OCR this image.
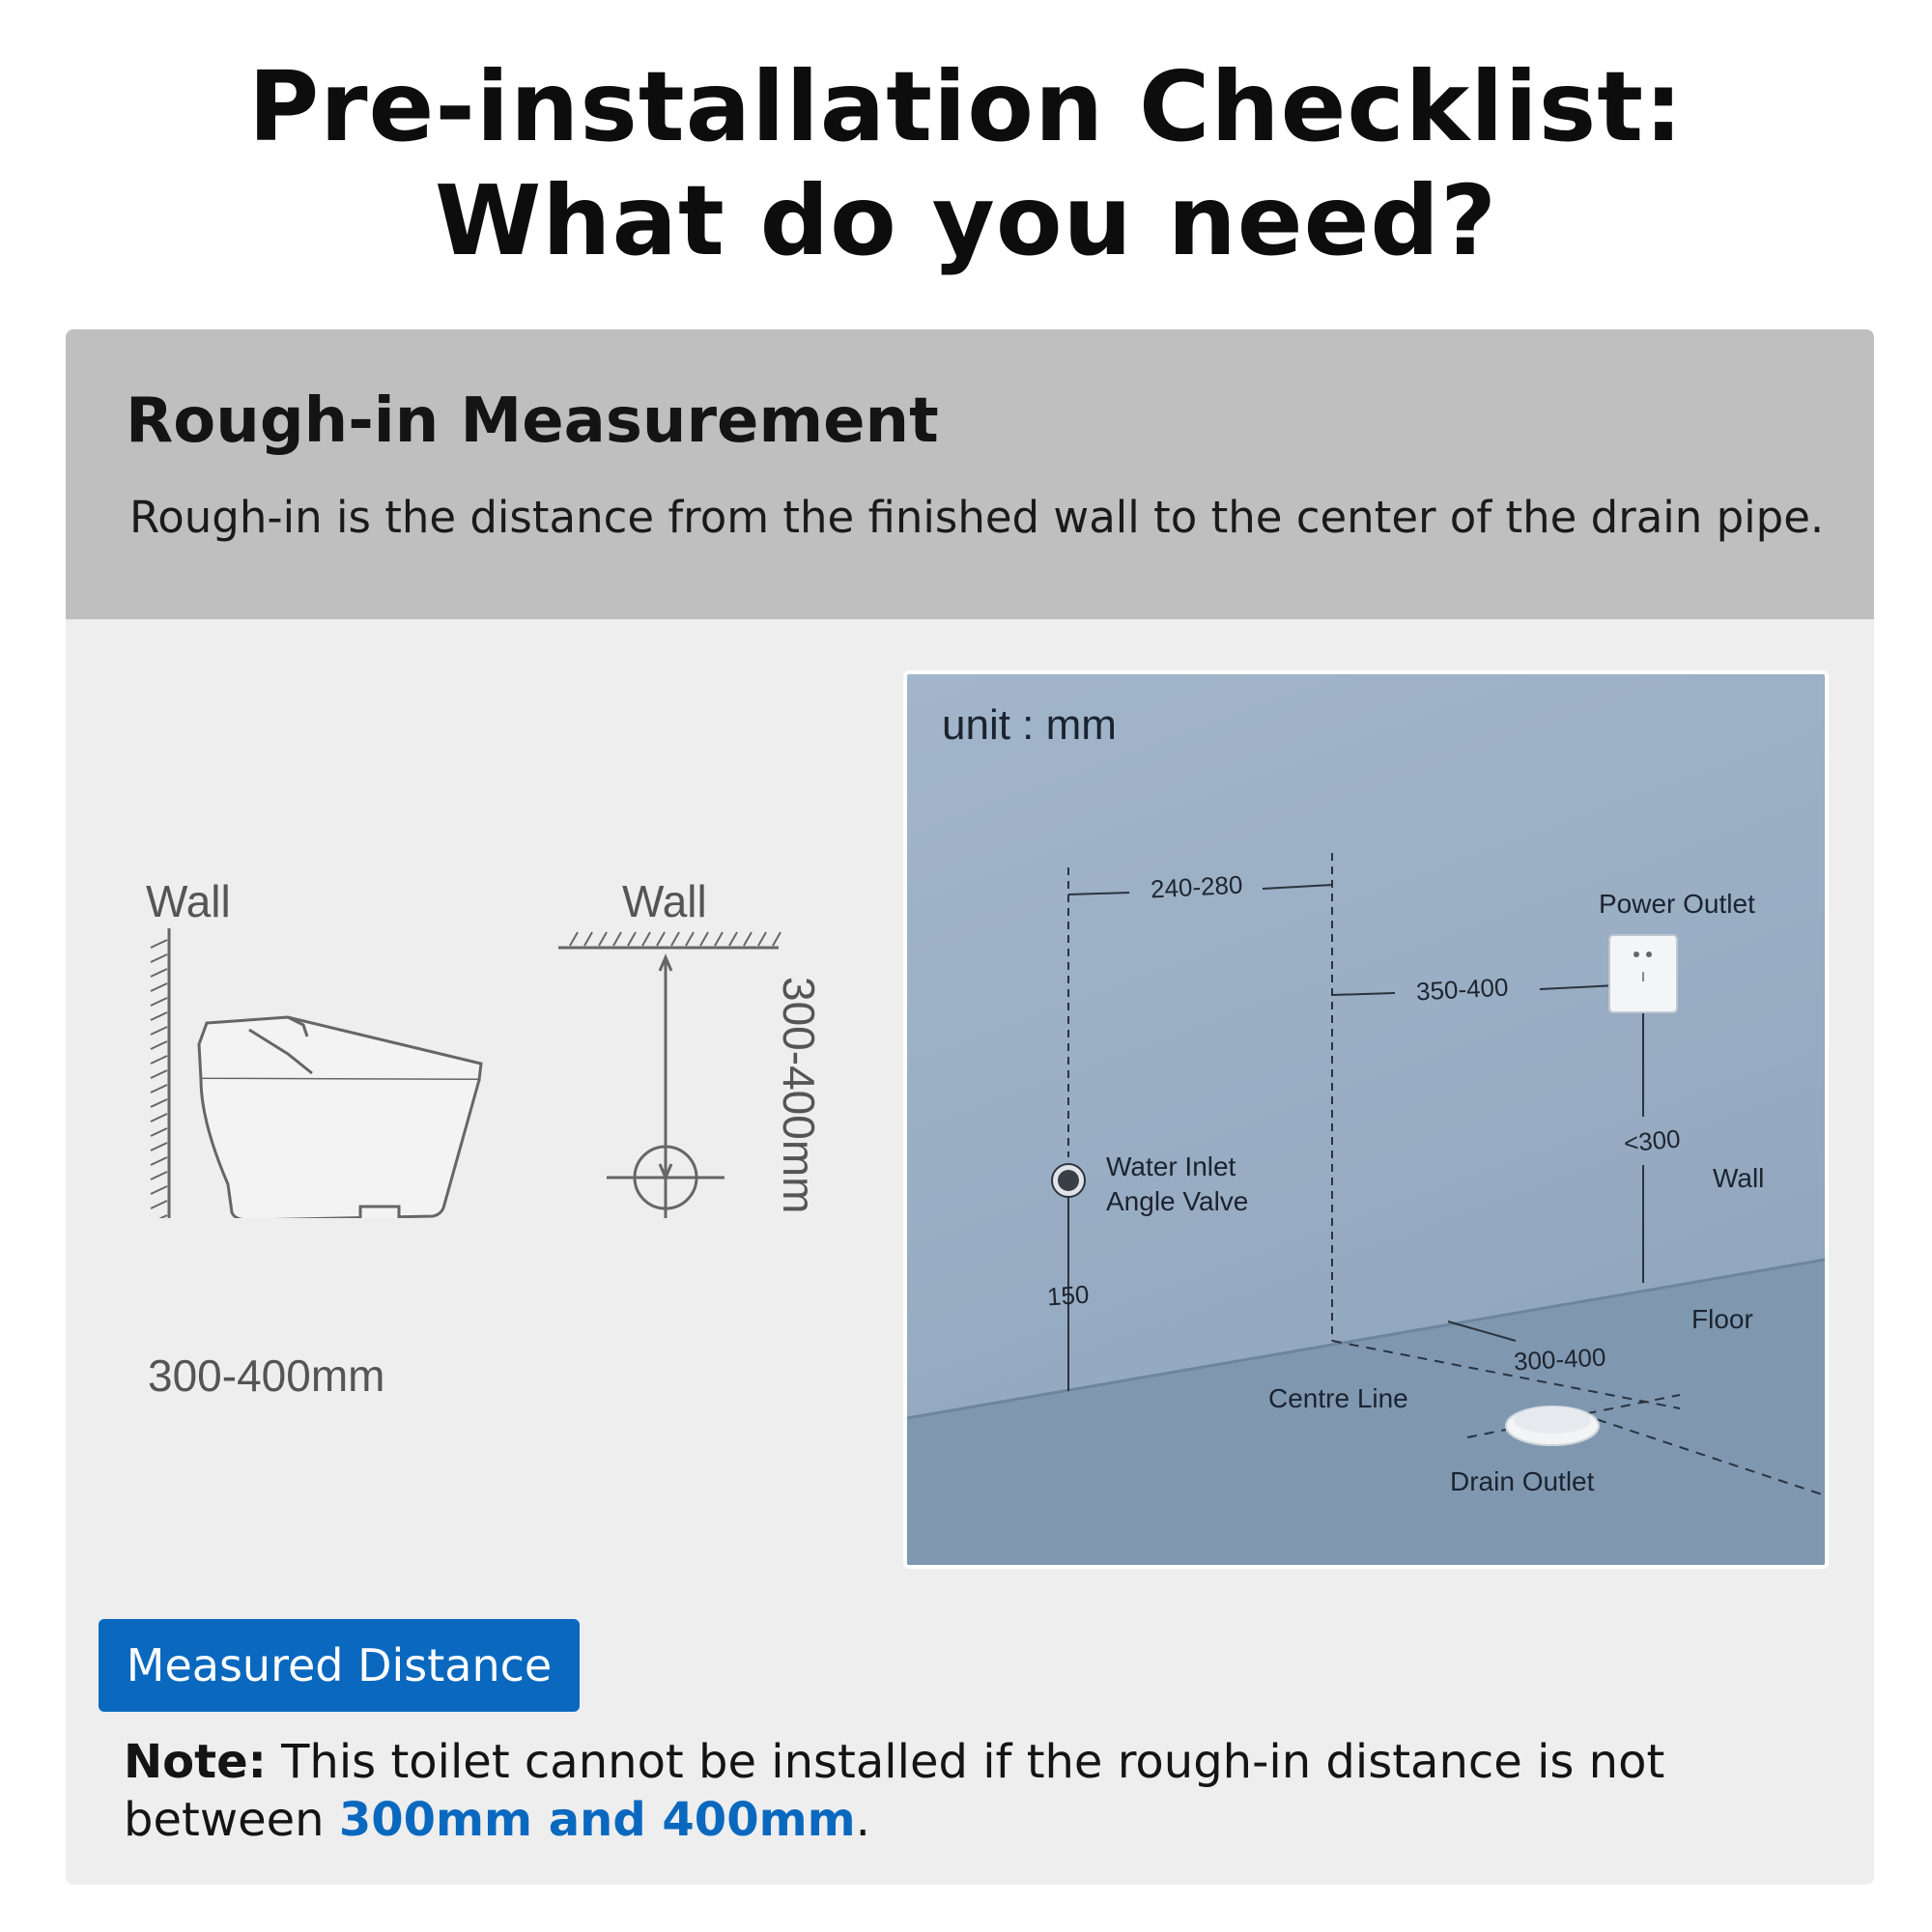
Pre-installation Checklist:
What do you need?
Rough-in Measurement
Rough-in is the distance from the finished wall to the center of the drain pipe.
Wall
300-400mm
Wall
300-400mm
unit : mm
240-280
350-400
Power Outlet
<300
Wall
Water Inlet
Angle Valve
150
Floor
300-400
Centre Line
Drain Outlet
Measured Distance
Note: This toilet cannot be installed if the rough-in distance is not between 300mm and 400mm.
